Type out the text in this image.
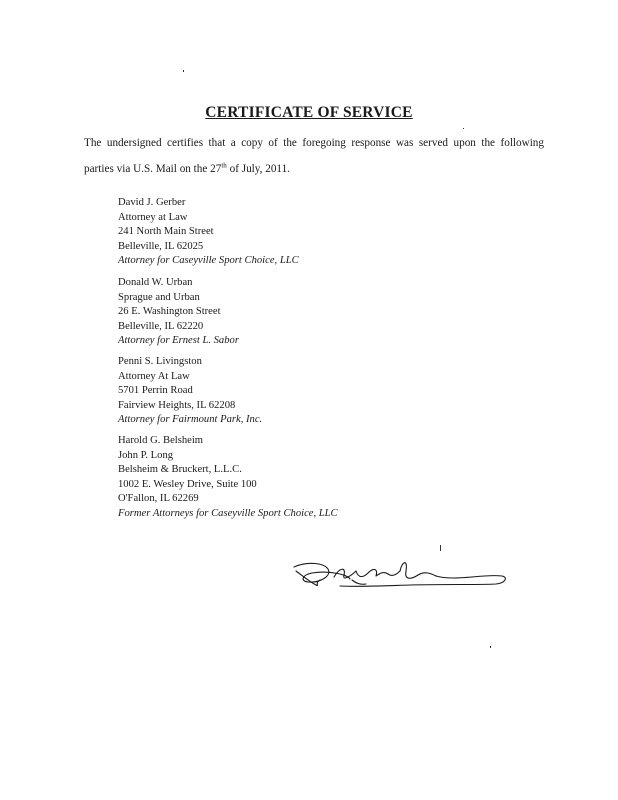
CERTIFICATE OF SERVICE
The undersigned certifies that a copy of the foregoing response was served upon the following
parties via U.S. Mail on the 27th of July, 2011.
David J. Gerber
Attorney at Law
241 North Main Street
Belleville, IL 62025
Attorney for Caseyville Sport Choice, LLC
Donald W. Urban
Sprague and Urban
26 E. Washington Street
Belleville, IL 62220
Attorney for Ernest L. Sabor
Penni S. Livingston
Attorney At Law
5701 Perrin Road
Fairview Heights, IL 62208
Attorney for Fairmount Park, Inc.
Harold G. Belsheim
John P. Long
Belsheim & Bruckert, L.L.C.
1002 E. Wesley Drive, Suite 100
O'Fallon, IL 62269
Former Attorneys for Caseyville Sport Choice, LLC
